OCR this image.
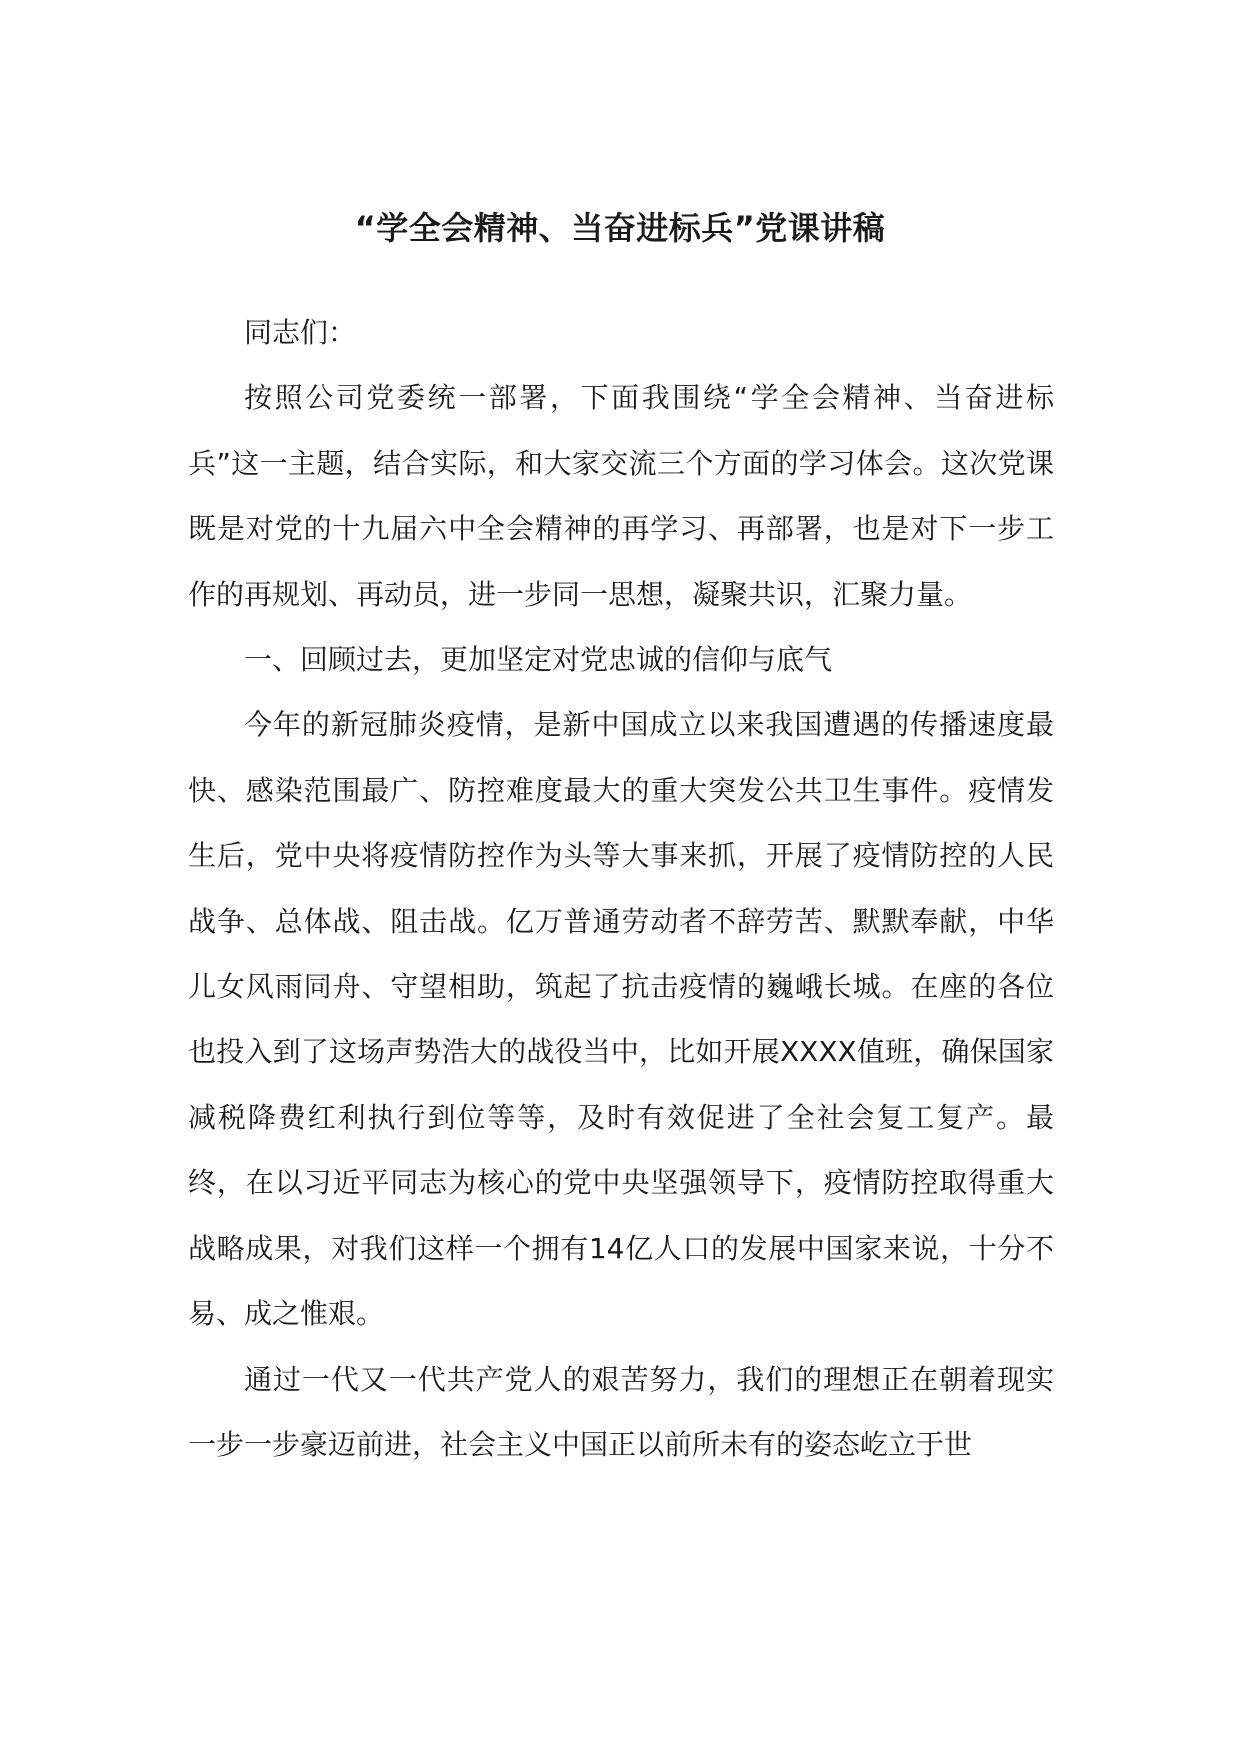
“学全会精神、当奋进标兵”党课讲稿

同志们：

按照公司党委统一部署，下面我围绕“学全会精神、当奋进标兵”这一主题，结合实际，和大家交流三个方面的学习体会。这次党课既是对党的十九届六中全会精神的再学习、再部署，也是对下一步工作的再规划、再动员，进一步同一思想，凝聚共识，汇聚力量。

一、回顾过去，更加坚定对党忠诚的信仰与底气

今年的新冠肺炎疫情，是新中国成立以来我国遭遇的传播速度最快、感染范围最广、防控难度最大的重大突发公共卫生事件。疫情发生后，党中央将疫情防控作为头等大事来抓，开展了疫情防控的人民战争、总体战、阻击战。亿万普通劳动者不辞劳苦、默默奉献，中华儿女风雨同舟、守望相助，筑起了抗击疫情的巍峨长城。在座的各位也投入到了这场声势浩大的战役当中，比如开展XXXX值班，确保国家减税降费红利执行到位等等，及时有效促进了全社会复工复产。最终，在以习近平同志为核心的党中央坚强领导下，疫情防控取得重大战略成果，对我们这样一个拥有14亿人口的发展中国家来说，十分不易、成之惟艰。

通过一代又一代共产党人的艰苦努力，我们的理想正在朝着现实一步一步豪迈前进，社会主义中国正以前所未有的姿态屹立于世
